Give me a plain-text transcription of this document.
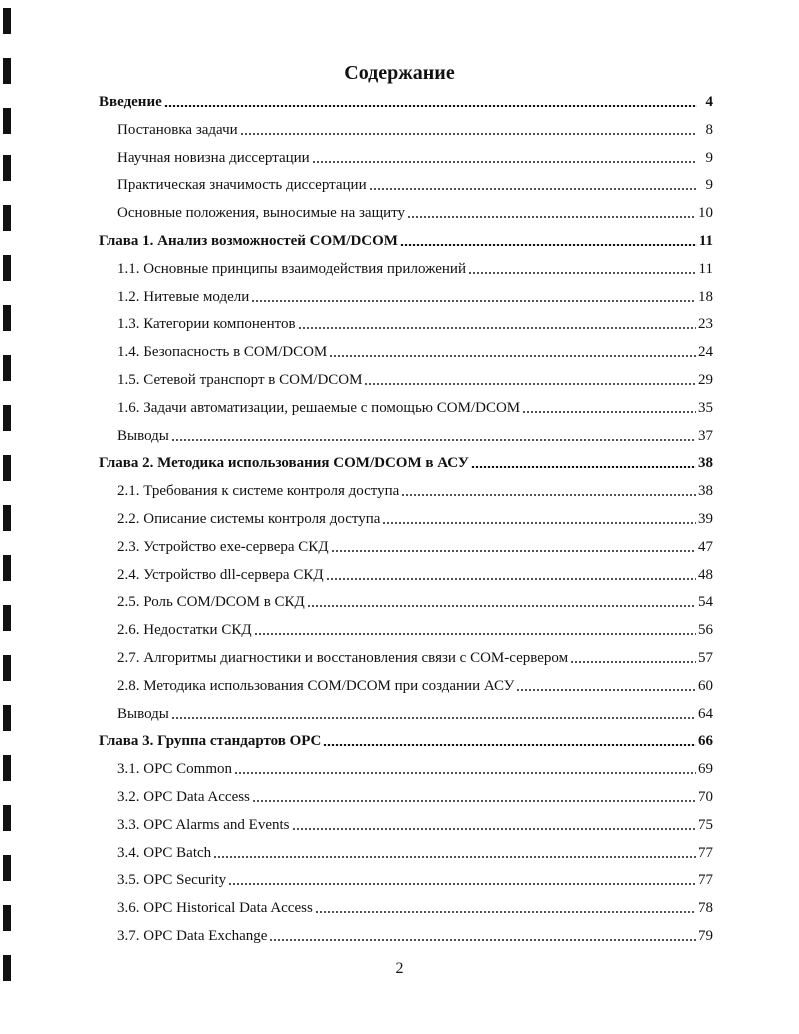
Содержание
Введение	4
Постановка задачи	8
Научная новизна диссертации	9
Практическая значимость диссертации	9
Основные положения, выносимые на защиту	10
Глава 1. Анализ возможностей COM/DCOM	11
1.1. Основные принципы взаимодействия приложений	11
1.2. Нитевые модели	18
1.3. Категории компонентов	23
1.4. Безопасность в COM/DCOM	24
1.5. Сетевой транспорт в COM/DCOM	29
1.6. Задачи автоматизации, решаемые с помощью COM/DCOM	35
Выводы	37
Глава 2. Методика использования COM/DCOM в АСУ	38
2.1. Требования к системе контроля доступа	38
2.2. Описание системы контроля доступа	39
2.3. Устройство exe-сервера СКД	47
2.4. Устройство dll-сервера СКД	48
2.5. Роль COM/DCOM в СКД	54
2.6. Недостатки СКД	56
2.7. Алгоритмы диагностики и восстановления связи с COM-сервером	57
2.8. Методика использования COM/DCOM при создании АСУ	60
Выводы	64
Глава 3. Группа стандартов OPC	66
3.1. OPC Common	69
3.2. OPC Data Access	70
3.3. OPC Alarms and Events	75
3.4. OPC Batch	77
3.5. OPC Security	77
3.6. OPC Historical Data Access	78
3.7. OPC Data Exchange	79
2
